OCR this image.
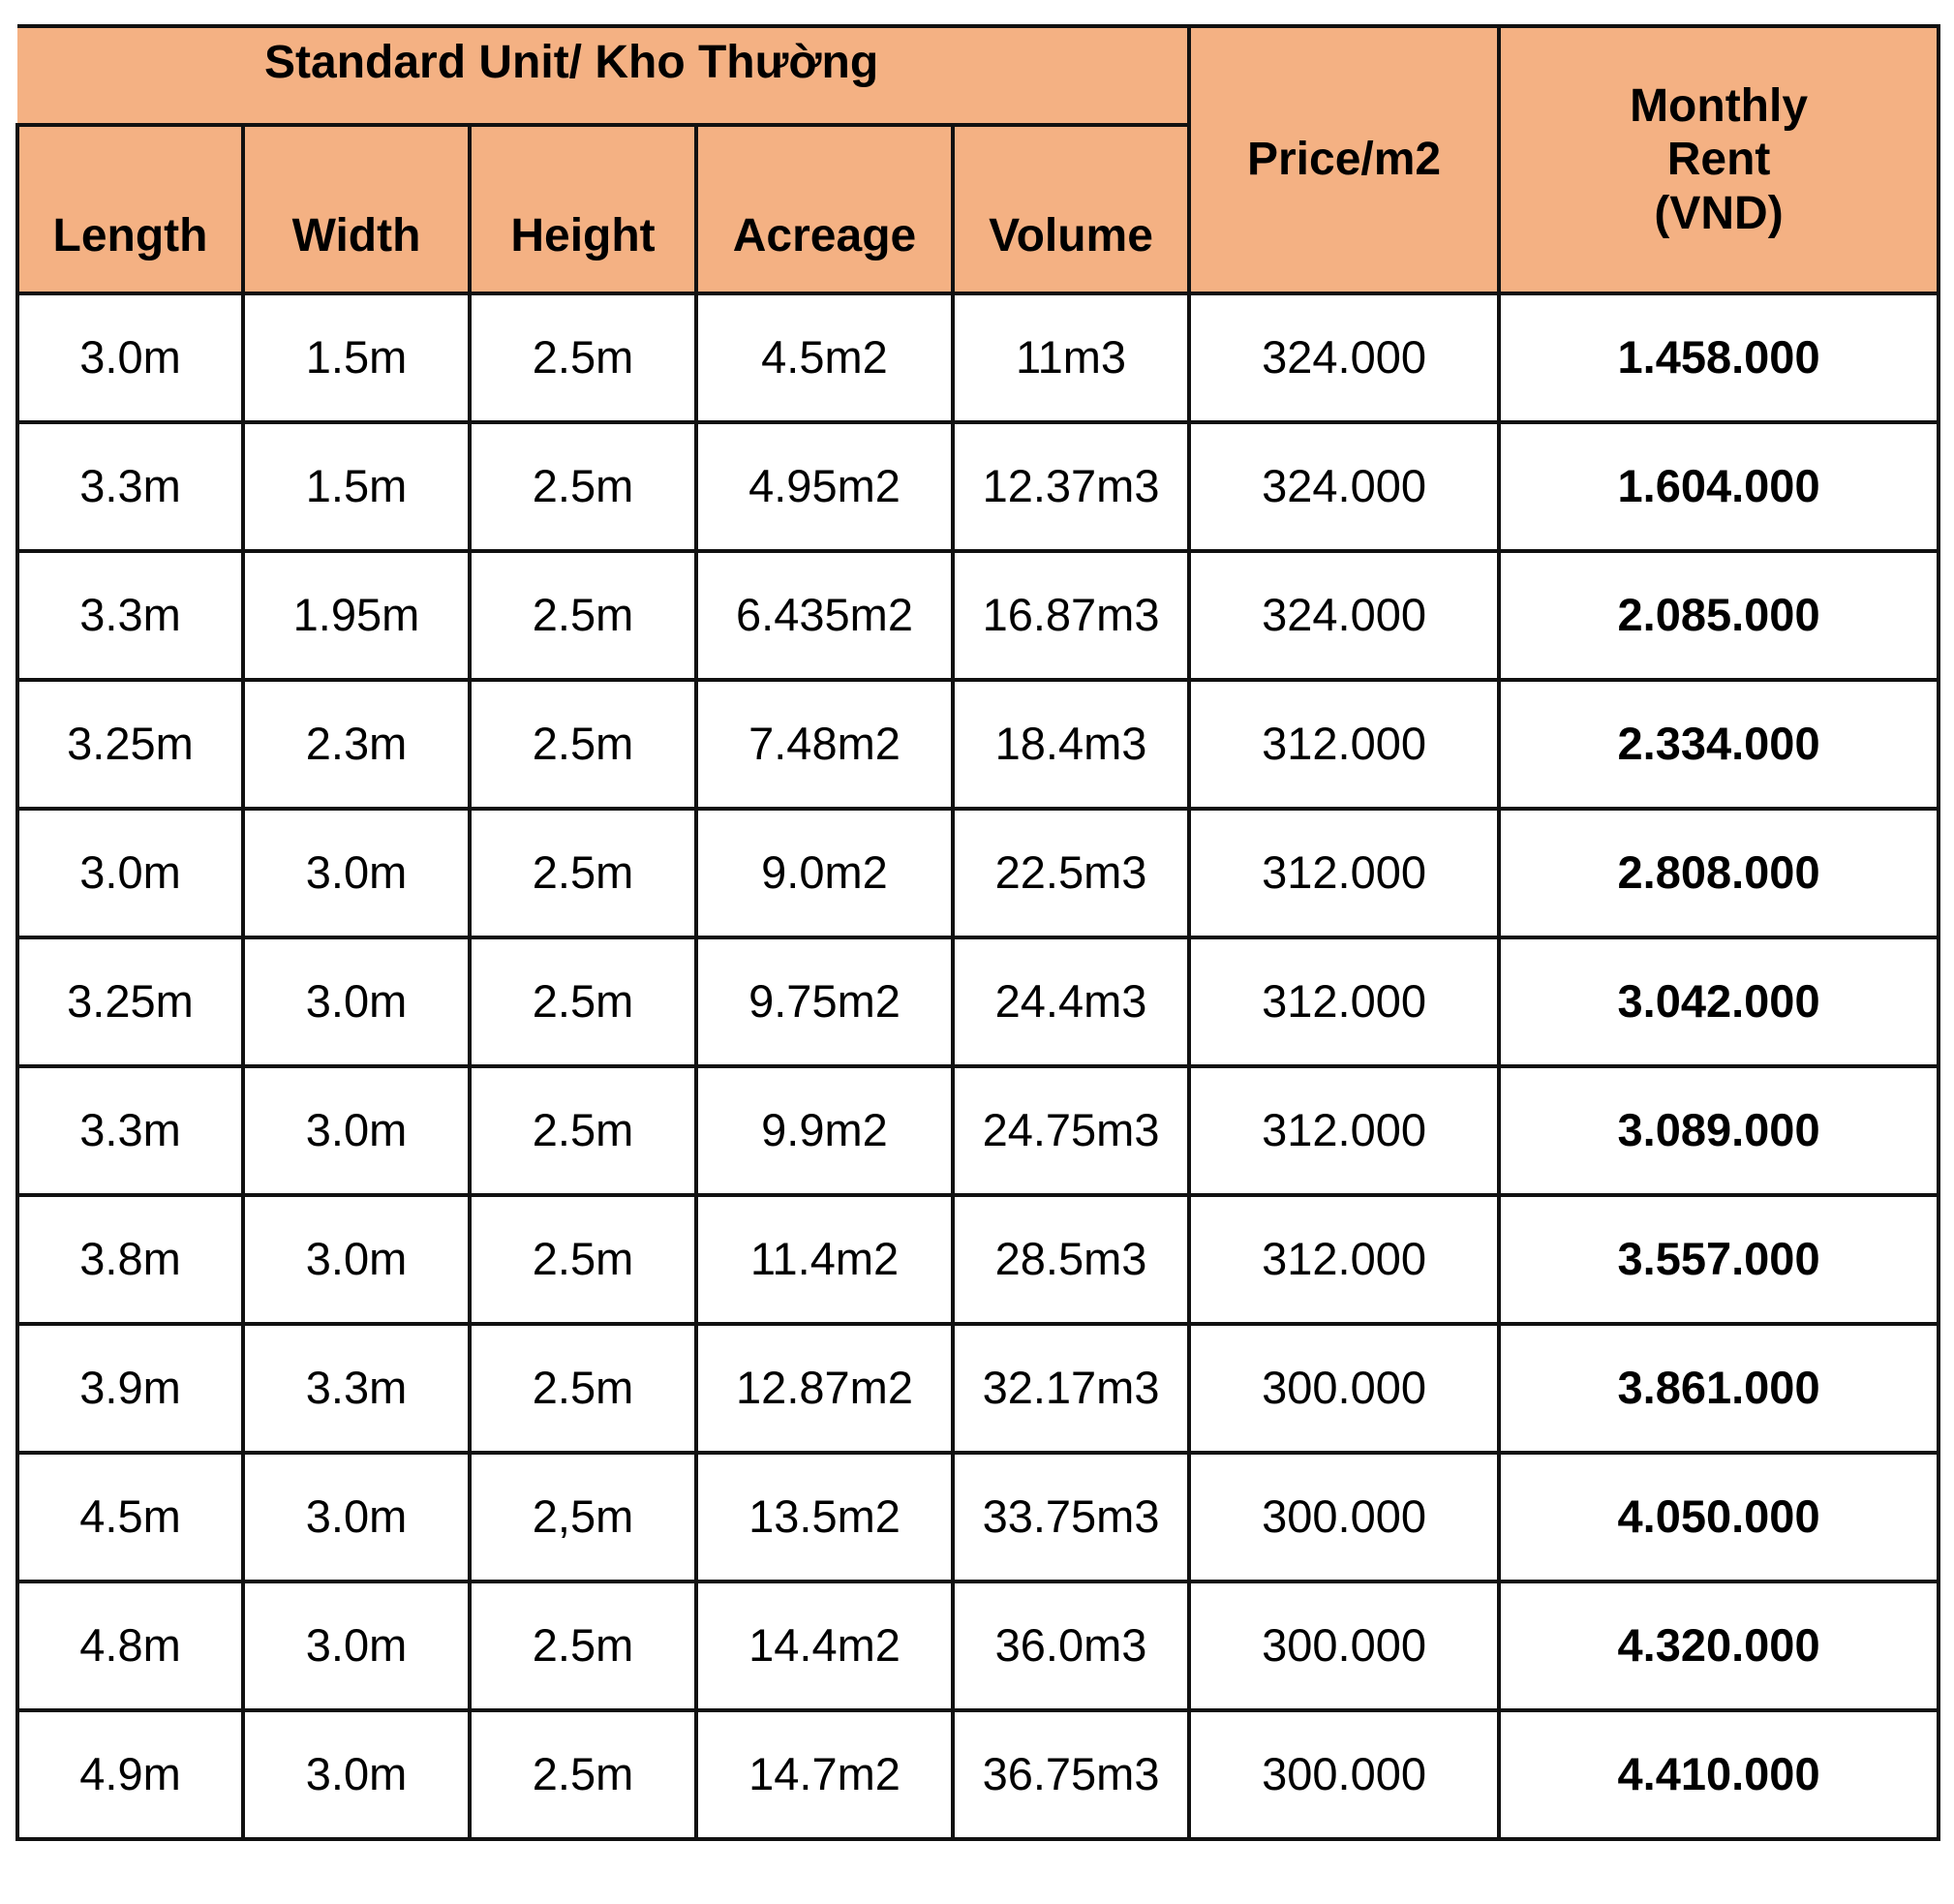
Standard Unit/ Kho Thường					Price/m2	Monthly
Rent
(VND)

Length	Width	Height	Acreage	Volume		

3.0m	1.5m	2.5m	4.5m2	11m3	324.000	1.458.000
3.3m	1.5m	2.5m	4.95m2	12.37m3	324.000	1.604.000
3.3m	1.95m	2.5m	6.435m2	16.87m3	324.000	2.085.000
3.25m	2.3m	2.5m	7.48m2	18.4m3	312.000	2.334.000
3.0m	3.0m	2.5m	9.0m2	22.5m3	312.000	2.808.000
3.25m	3.0m	2.5m	9.75m2	24.4m3	312.000	3.042.000
3.3m	3.0m	2.5m	9.9m2	24.75m3	312.000	3.089.000
3.8m	3.0m	2.5m	11.4m2	28.5m3	312.000	3.557.000
3.9m	3.3m	2.5m	12.87m2	32.17m3	300.000	3.861.000
4.5m	3.0m	2,5m	13.5m2	33.75m3	300.000	4.050.000
4.8m	3.0m	2.5m	14.4m2	36.0m3	300.000	4.320.000
4.9m	3.0m	2.5m	14.7m2	36.75m3	300.000	4.410.000
